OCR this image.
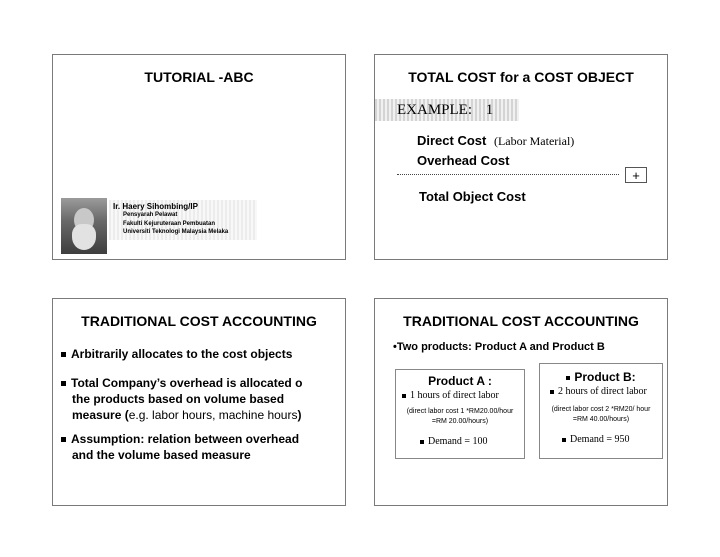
TUTORIAL -ABC
Ir. Haery Sihombing/IP
Pensyarah Pelawat
Fakulti Kejuruteraan Pembuatan
Universiti Teknologi Malaysia Melaka
TOTAL COST for a COST OBJECT
EXAMPLE: 1
Direct Cost (Labor Material)
Overhead Cost
+
Total Object Cost
TRADITIONAL COST ACCOUNTING
Arbitrarily allocates to the cost objects
Total Company’s overhead is allocated o
the products based on volume based
measure (e.g. labor hours, machine hours)
Assumption: relation between overhead
and the volume based measure
TRADITIONAL COST ACCOUNTING
•Two products: Product A and Product B
Product A :
1 hours of direct labor
(direct labor cost 1 *RM20.00/hour
=RM 20.00/hours)
Demand = 100
Product B:
2 hours of direct labor
(direct labor cost 2 *RM20/ hour
=RM 40.00/hours)
Demand = 950
